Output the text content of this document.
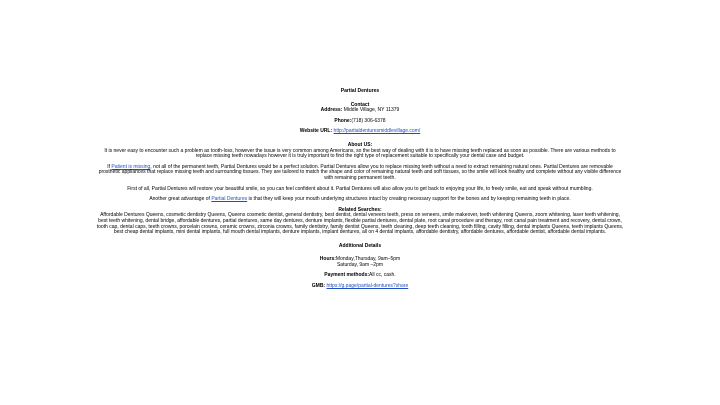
Partial Dentures

Contact

Address: Middle Village, NY 11379

Phone:(718) 306-6378

Website URL: http://partialdenturesmiddlevillage.com/

About US:

It is never easy to encounter such a problem as tooth-loss, however the issue is very common among Americans, so the best way of dealing with it is to have missing teeth replaced as soon as possible. There are various methods to replace missing teeth nowadays however it is truly important to find the right type of replacement suitable to specifically your dental case and budget.

If Patient is missing, not all of the permanent teeth, Partial Dentures would be a perfect solution. Partial Dentures allow you to replace missing teeth without a need to extract remaining natural ones. Partial Dentures are removable prosthetic appliances that replace missing teeth and surrounding tissues. They are tailored to match the shape and color of remaining natural teeth and soft tissues, so the smile will look healthy and complete without any visible difference with remaining permanent teeth.

First of all, Partial Dentures will restore your beautiful smile, so you can feel confident about it. Partial Dentures will also allow you to get back to enjoying your life, to freely smile, eat and speak without mumbling.

Another great advantage of Partial Dentures is that they will keep your mouth underlying structures intact by creating necessary support for the bones and by keeping remaining teeth in place.

Related Searches:

Affordable Dentures Queens, cosmetic dentistry Queens, Queens cosmetic dentist, general dentistry, best dentist, dental veneers teeth, press on veneers, smile makeover, teeth whitening Queens, zoom whitening, laser teeth whitening, best teeth whitening, dental bridge, affordable dentures, partial dentures, same day dentures, denture implants, flexible partial dentures, dental plate, root canal procedure and therapy, root canal pain treatment and recovery, dental crown, tooth cap, dental caps, teeth crowns, porcelain crowns, ceramic crowns, zirconia crowns, family dentistry, family dentist Queens, teeth cleaning, deep teeth cleaning, tooth filling, cavity filling, dental implants Queens, teeth implants Queens, best cheap dental implants, mini dental implants, full mouth dental implants, denture implants, implant dentures, all on 4 dental implants, affordable dentistry, affordable dentures, affordable dentist, affordable dental implants.

Additional Details

Hours:Monday,Thursday, 9am–5pm

Saturday, 9am –2pm

Payment methods:All cc, cash.

GMB: https://g.page/partial-dentures?share
